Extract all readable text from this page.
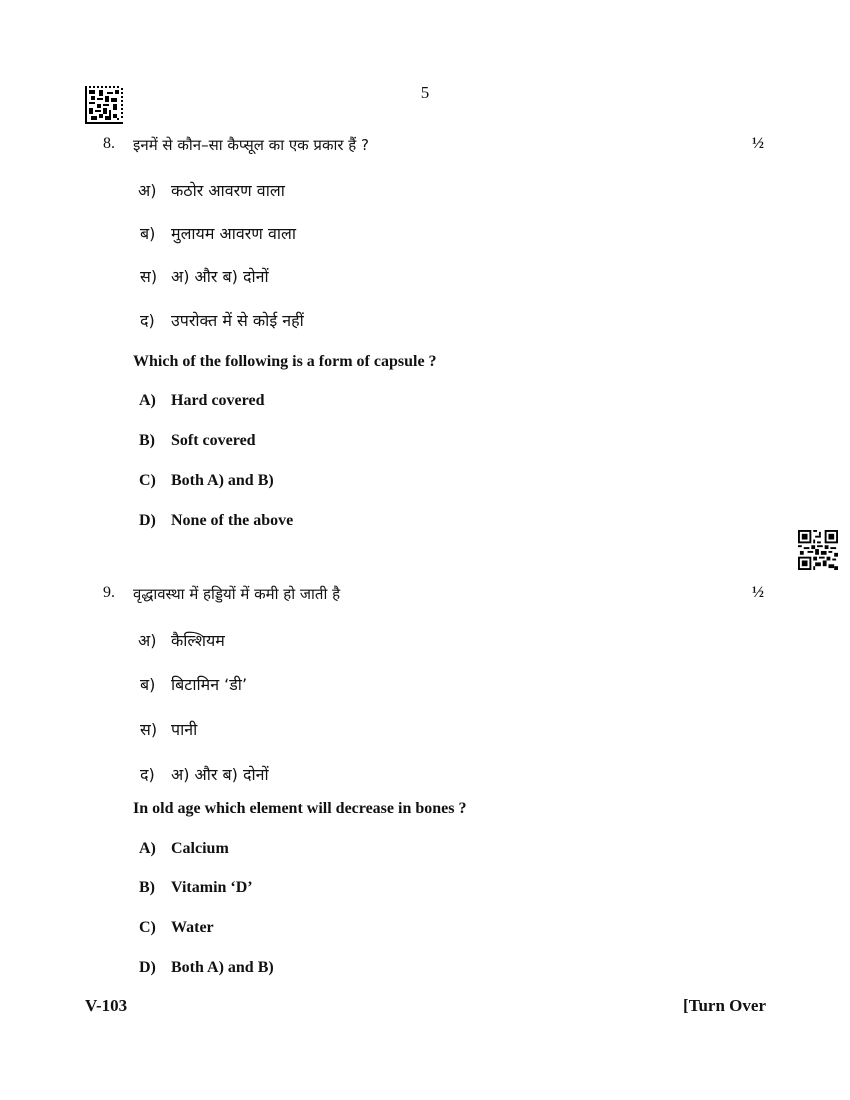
5
8. इनमें से कौन–सा कैप्सूल का एक प्रकार हैं ?	½
अ) कठोर आवरण वाला
ब) मुलायम आवरण वाला
स) अ) और ब) दोनों
द) उपरोक्त में से कोई नहीं
Which of the following is a form of capsule ?
A) Hard covered
B) Soft covered
C) Both A) and B)
D) None of the above
9. वृद्धावस्था में हड्डियों में कमी हो जाती है	½
अ) कैल्शियम
ब) बिटामिन ‘डी’
स) पानी
द) अ) और ब) दोनों
In old age which element will decrease in bones ?
A) Calcium
B) Vitamin ‘D’
C) Water
D) Both A) and B)
V-103	[Turn Over
